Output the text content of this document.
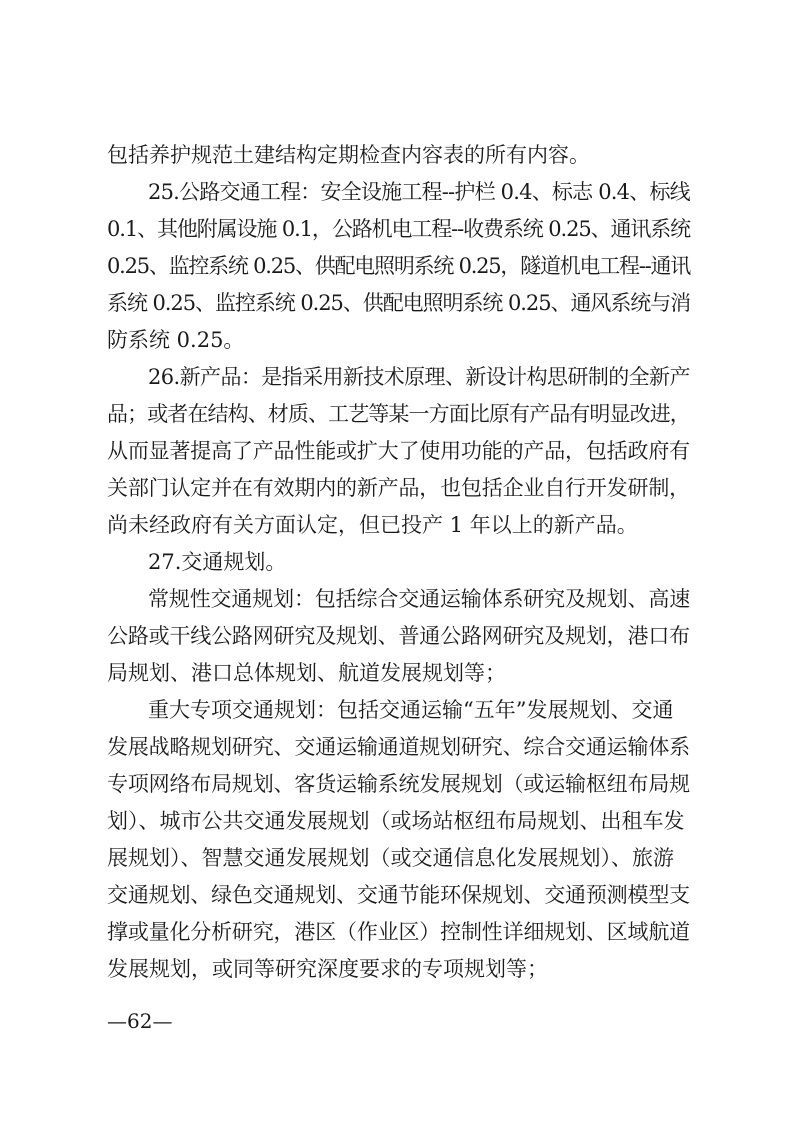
包括养护规范土建结构定期检查内容表的所有内容。

25.公路交通工程：安全设施工程--护栏 0.4、标志 0.4、标线

0.1、其他附属设施 0.1，公路机电工程--收费系统 0.25、通讯系统

0.25、监控系统 0.25、供配电照明系统 0.25，隧道机电工程--通讯

系统 0.25、监控系统 0.25、供配电照明系统 0.25、通风系统与消

防系统 0.25。

26.新产品：是指采用新技术原理、新设计构思研制的全新产

品；或者在结构、材质、工艺等某一方面比原有产品有明显改进，

从而显著提高了产品性能或扩大了使用功能的产品，包括政府有

关部门认定并在有效期内的新产品，也包括企业自行开发研制，

尚未经政府有关方面认定，但已投产 1 年以上的新产品。

27.交通规划。

常规性交通规划：包括综合交通运输体系研究及规划、高速

公路或干线公路网研究及规划、普通公路网研究及规划，港口布

局规划、港口总体规划、航道发展规划等；

重大专项交通规划：包括交通运输“五年”发展规划、交通

发展战略规划研究、交通运输通道规划研究、综合交通运输体系

专项网络布局规划、客货运输系统发展规划（或运输枢纽布局规

划）、城市公共交通发展规划（或场站枢纽布局规划、出租车发

展规划）、智慧交通发展规划（或交通信息化发展规划）、旅游

交通规划、绿色交通规划、交通节能环保规划、交通预测模型支

撑或量化分析研究，港区（作业区）控制性详细规划、区域航道

发展规划，或同等研究深度要求的专项规划等；

—62—
